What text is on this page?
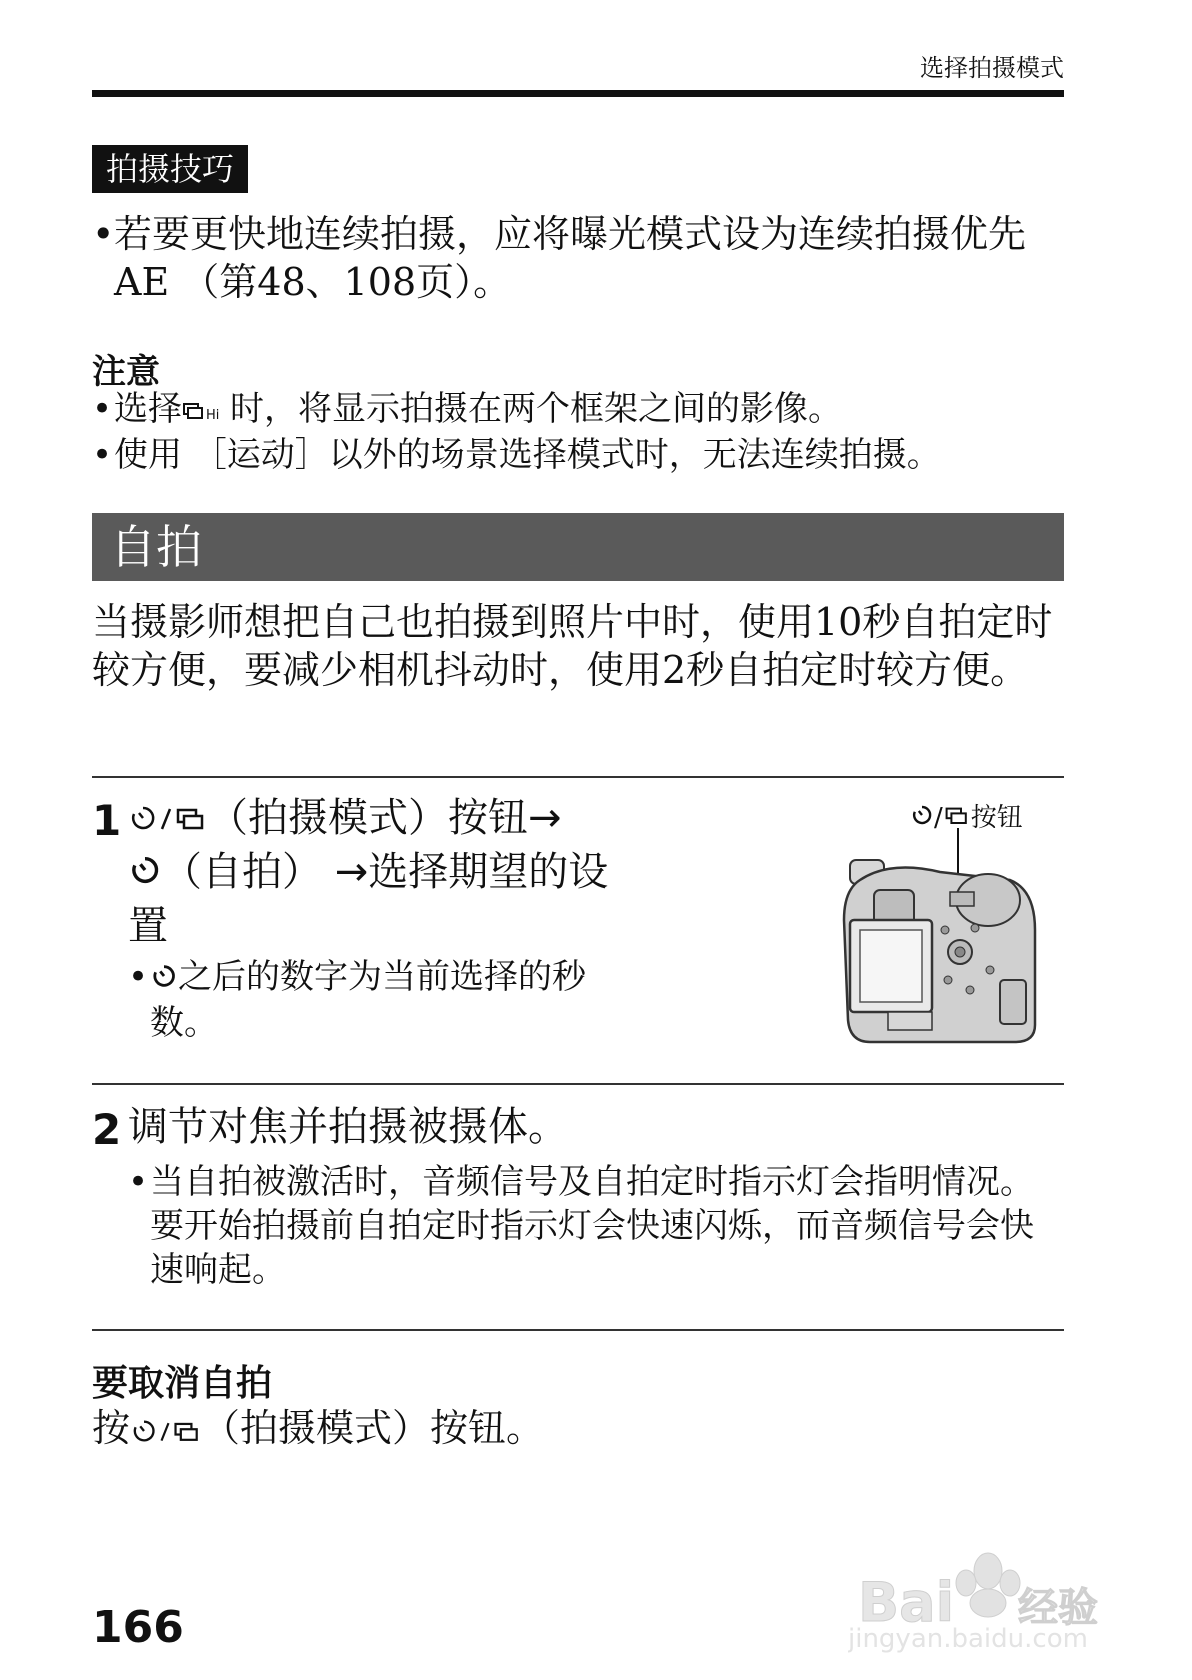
选择拍摄模式
拍摄技巧
• 若要更快地连续拍摄，应将曝光模式设为连续拍摄优先AE （第48、108页）。
注意
• 选择 Hi 时，将显示拍摄在两个框架之间的影像。
• 使用 ［运动］以外的场景选择模式时，无法连续拍摄。
自拍
当摄影师想把自己也拍摄到照片中时，使用10秒自拍定时较方便，要减少相机抖动时，使用2秒自拍定时较方便。
1	（拍摄模式）按钮→
（自拍） →选择期望的设置
• 之后的数字为当前选择的秒数。
/ 按钮
2 调节对焦并拍摄被摄体。
• 当自拍被激活时，音频信号及自拍定时指示灯会指明情况。要开始拍摄前自拍定时指示灯会快速闪烁，而音频信号会快速响起。
要取消自拍
按 （拍摄模式）按钮。
166	Bai 经验
jingyan.baidu.com
